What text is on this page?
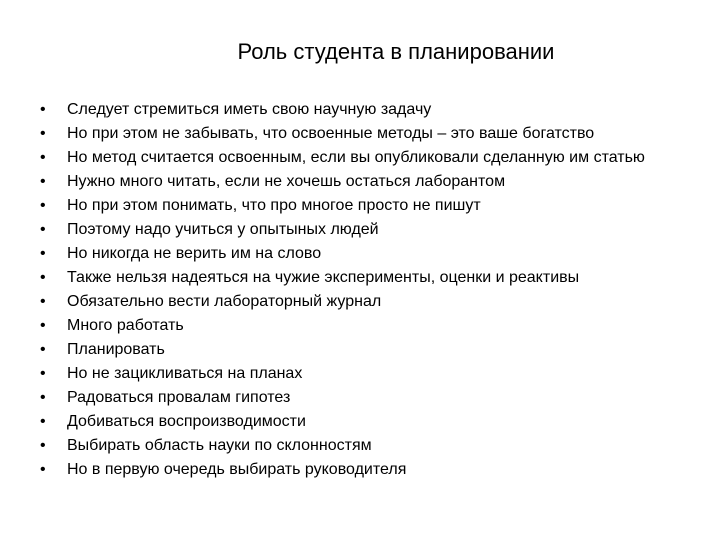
Роль студента в планировании
•	Следует стремиться иметь свою научную задачу
•	Но при этом не забывать, что освоенные методы – это ваше богатство
•	Но метод считается освоенным, если вы опубликовали сделанную им статью
•	Нужно много читать, если не хочешь остаться лаборантом
•	Но при этом понимать, что про многое просто не пишут
•	Поэтому надо учиться у опытыных людей
•	Но никогда не верить им на слово
•	Также нельзя надеяться на чужие эксперименты, оценки и реактивы
•	Обязательно вести лабораторный журнал
•	Много работать
•	Планировать
•	Но не зацикливаться на планах
•	Радоваться провалам гипотез
•	Добиваться воспроизводимости
•	Выбирать область науки по склонностям
•	Но в первую очередь выбирать руководителя
